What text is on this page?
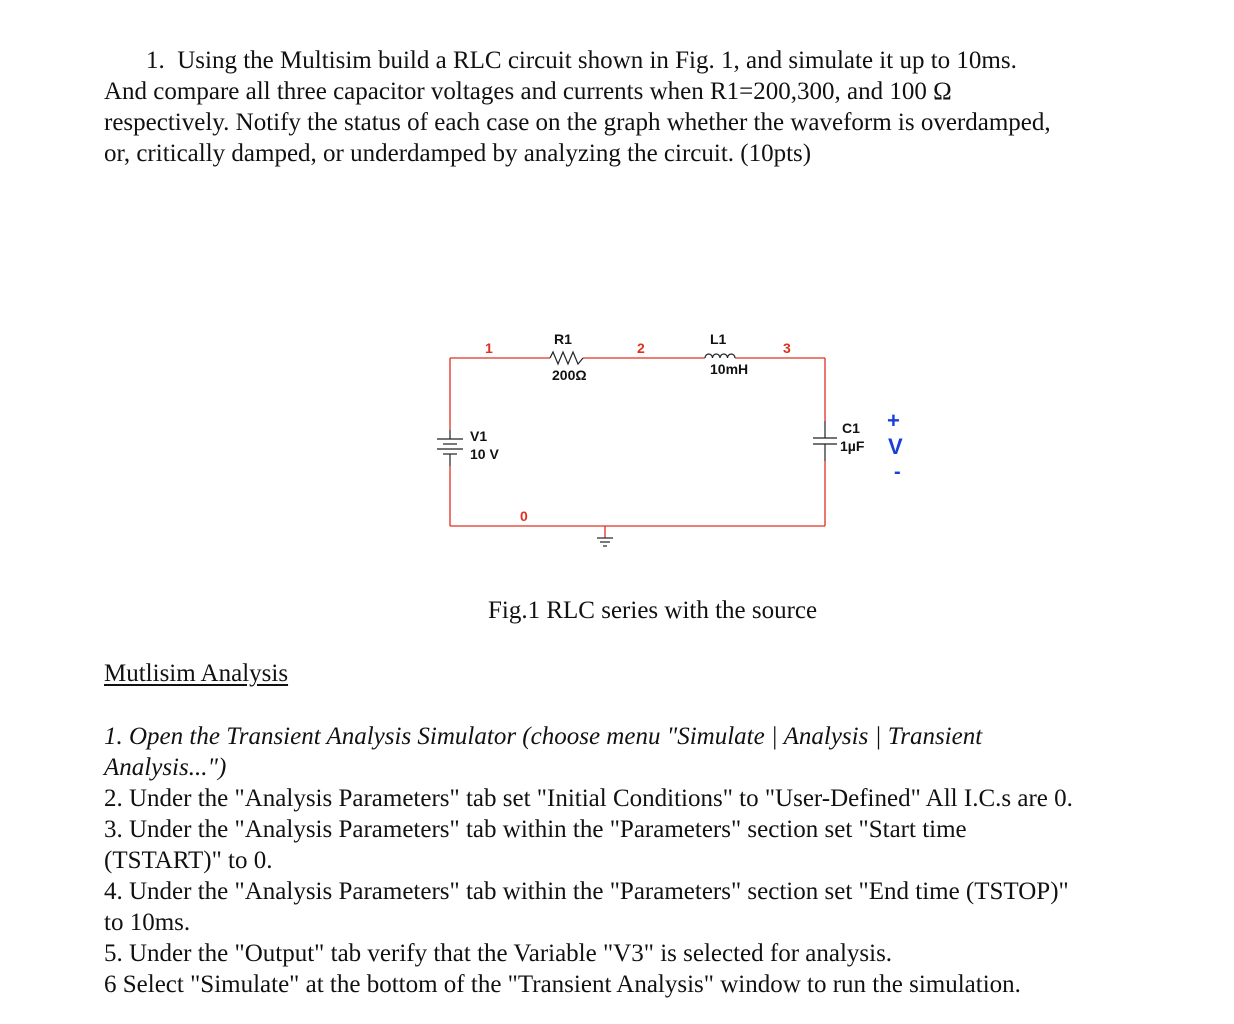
1. Using the Multisim build a RLC circuit shown in Fig. 1, and simulate it up to 10ms.

And compare all three capacitor voltages and currents when R1=200,300, and 100 Ω

respectively. Notify the status of each case on the graph whether the waveform is overdamped,

or, critically damped, or underdamped by analyzing the circuit. (10pts)

1	2	3
0
R1
200Ω
L1
10mH
C1
1µF
V1
10 V
+
V
-
Fig.1 RLC series with the source
Mutlisim Analysis

1. Open the Transient Analysis Simulator (choose menu "Simulate | Analysis | Transient

Analysis...")

2. Under the "Analysis Parameters" tab set "Initial Conditions" to "User-Defined" All I.C.s are 0.

3. Under the "Analysis Parameters" tab within the "Parameters" section set "Start time

(TSTART)" to 0.

4. Under the "Analysis Parameters" tab within the "Parameters" section set "End time (TSTOP)"

to 10ms.

5. Under the "Output" tab verify that the Variable "V3" is selected for analysis.

6 Select "Simulate" at the bottom of the "Transient Analysis" window to run the simulation.
